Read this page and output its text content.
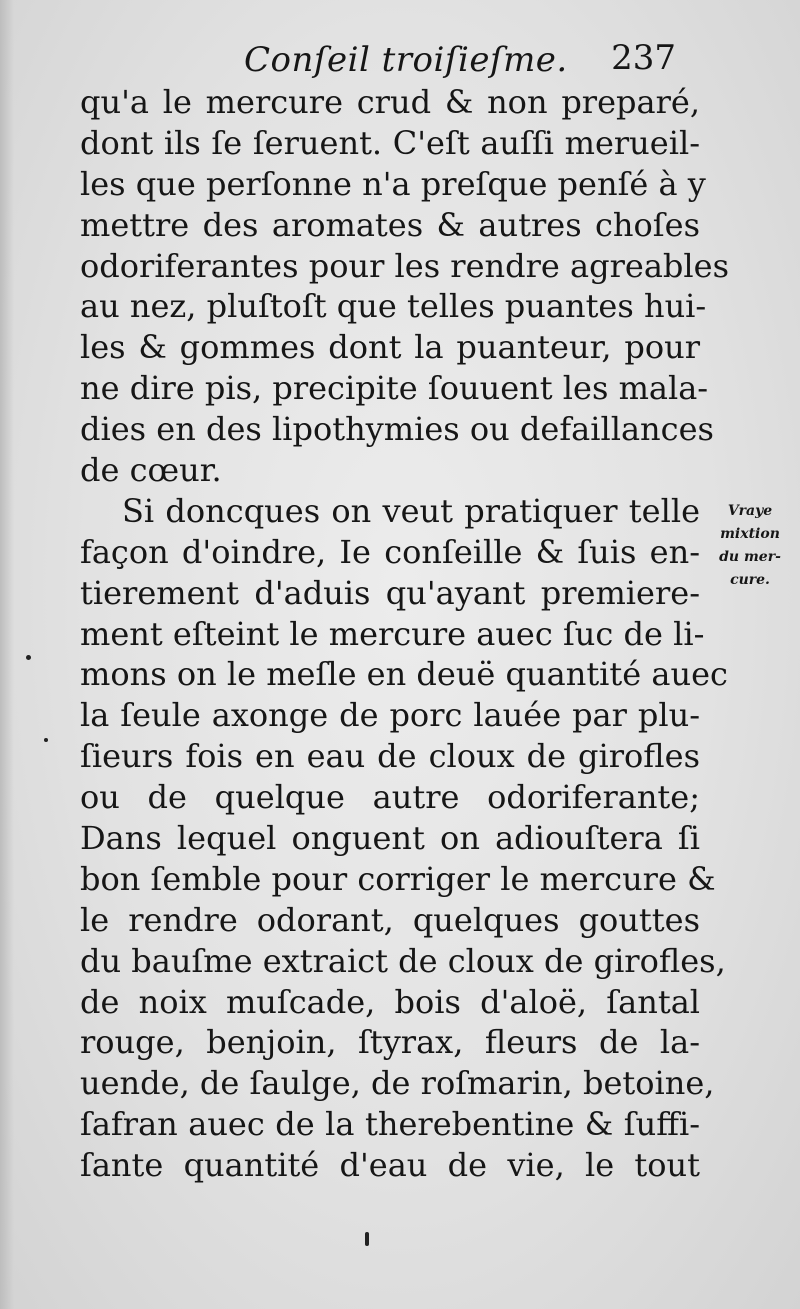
Conſeil troiſieſme. 237
qu'a le mercure crud & non preparé,
dont ils ſe ſeruent. C'eſt auſſi merueil-
les que perſonne n'a preſque penſé à y
mettre des aromates & autres choſes
odoriferantes pour les rendre agreables
au nez, pluſtoſt que telles puantes hui-
les & gommes dont la puanteur, pour
ne dire pis, precipite ſouuent les mala-
dies en des lipothymies ou defaillances
de cœur.
Si doncques on veut pratiquer telle
façon d'oindre, Ie conſeille & ſuis en-
tierement d'aduis qu'ayant premiere-
ment eſteint le mercure auec ſuc de li-
mons on le meſle en deuë quantité auec
la ſeule axonge de porc lauée par plu-
ſieurs fois en eau de cloux de girofles
ou de quelque autre odoriferante;
Dans lequel onguent on adiouſtera ſi
bon ſemble pour corriger le mercure &
le rendre odorant, quelques gouttes
du bauſme extraict de cloux de girofles,
de noix muſcade, bois d'aloë, ſantal
rouge, benjoin, ſtyrax, fleurs de la-
uende, de ſaulge, de roſmarin, betoine,
ſafran auec de la therebentine & ſuffi-
ſante quantité d'eau de vie, le tout
Vraye
mixtion
du mer-
cure.
